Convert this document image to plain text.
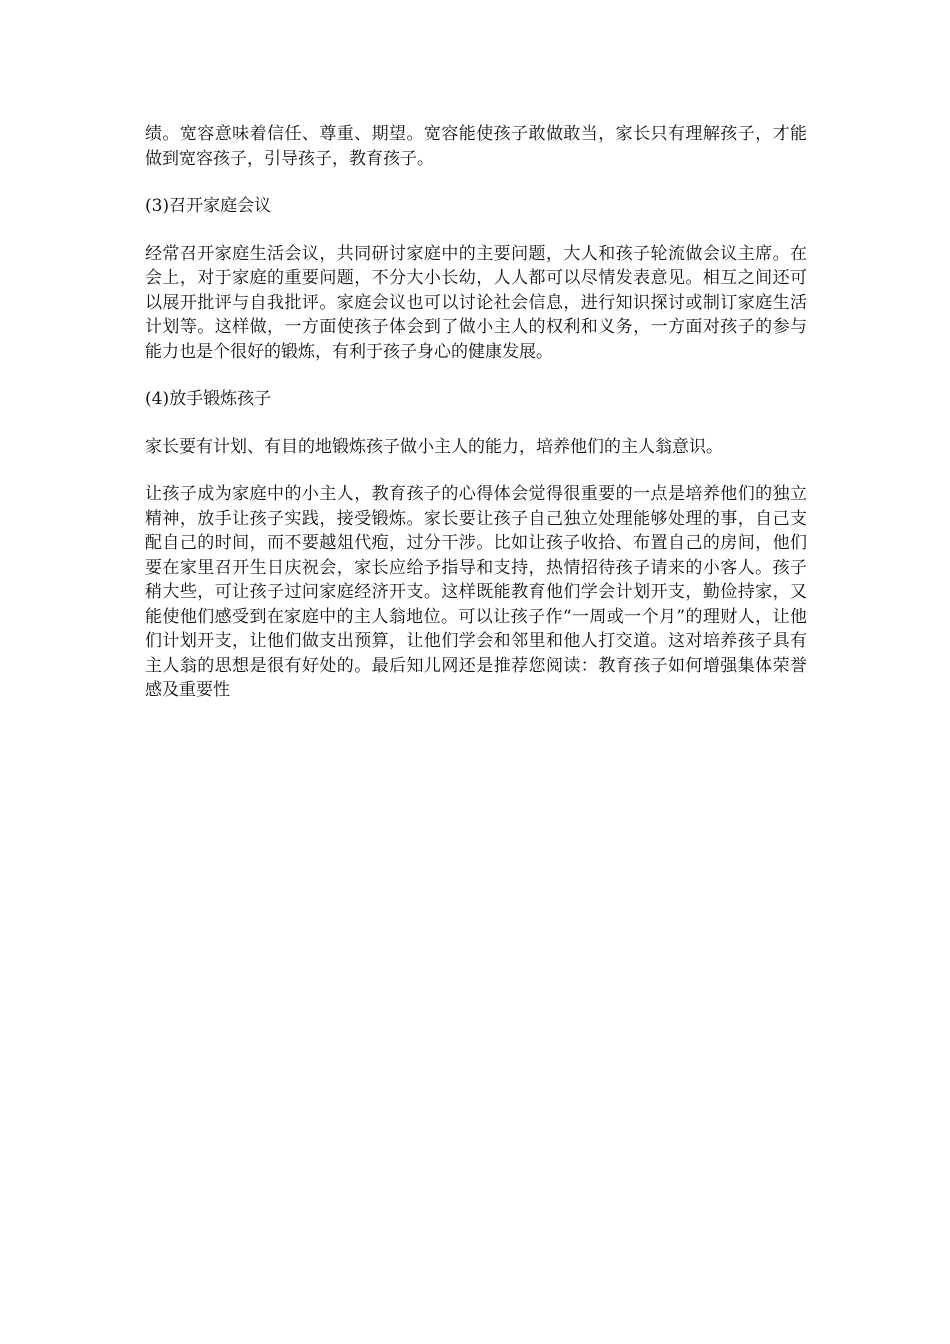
绩。宽容意味着信任、尊重、期望。宽容能使孩子敢做敢当，家长只有理解孩子，才能做到宽容孩子，引导孩子，教育孩子。

(3)召开家庭会议

经常召开家庭生活会议，共同研讨家庭中的主要问题，大人和孩子轮流做会议主席。在会上，对于家庭的重要问题，不分大小长幼，人人都可以尽情发表意见。相互之间还可以展开批评与自我批评。家庭会议也可以讨论社会信息，进行知识探讨或制订家庭生活计划等。这样做，一方面使孩子体会到了做小主人的权利和义务，一方面对孩子的参与能力也是个很好的锻炼，有利于孩子身心的健康发展。

(4)放手锻炼孩子

家长要有计划、有目的地锻炼孩子做小主人的能力，培养他们的主人翁意识。

让孩子成为家庭中的小主人，教育孩子的心得体会觉得很重要的一点是培养他们的独立精神，放手让孩子实践，接受锻炼。家长要让孩子自己独立处理能够处理的事，自己支配自己的时间，而不要越俎代疱，过分干涉。比如让孩子收拾、布置自己的房间，他们要在家里召开生日庆祝会，家长应给予指导和支持，热情招待孩子请来的小客人。孩子稍大些，可让孩子过问家庭经济开支。这样既能教育他们学会计划开支，勤俭持家，又能使他们感受到在家庭中的主人翁地位。可以让孩子作“一周或一个月”的理财人，让他们计划开支，让他们做支出预算，让他们学会和邻里和他人打交道。这对培养孩子具有主人翁的思想是很有好处的。最后知儿网还是推荐您阅读：教育孩子如何增强集体荣誉感及重要性
